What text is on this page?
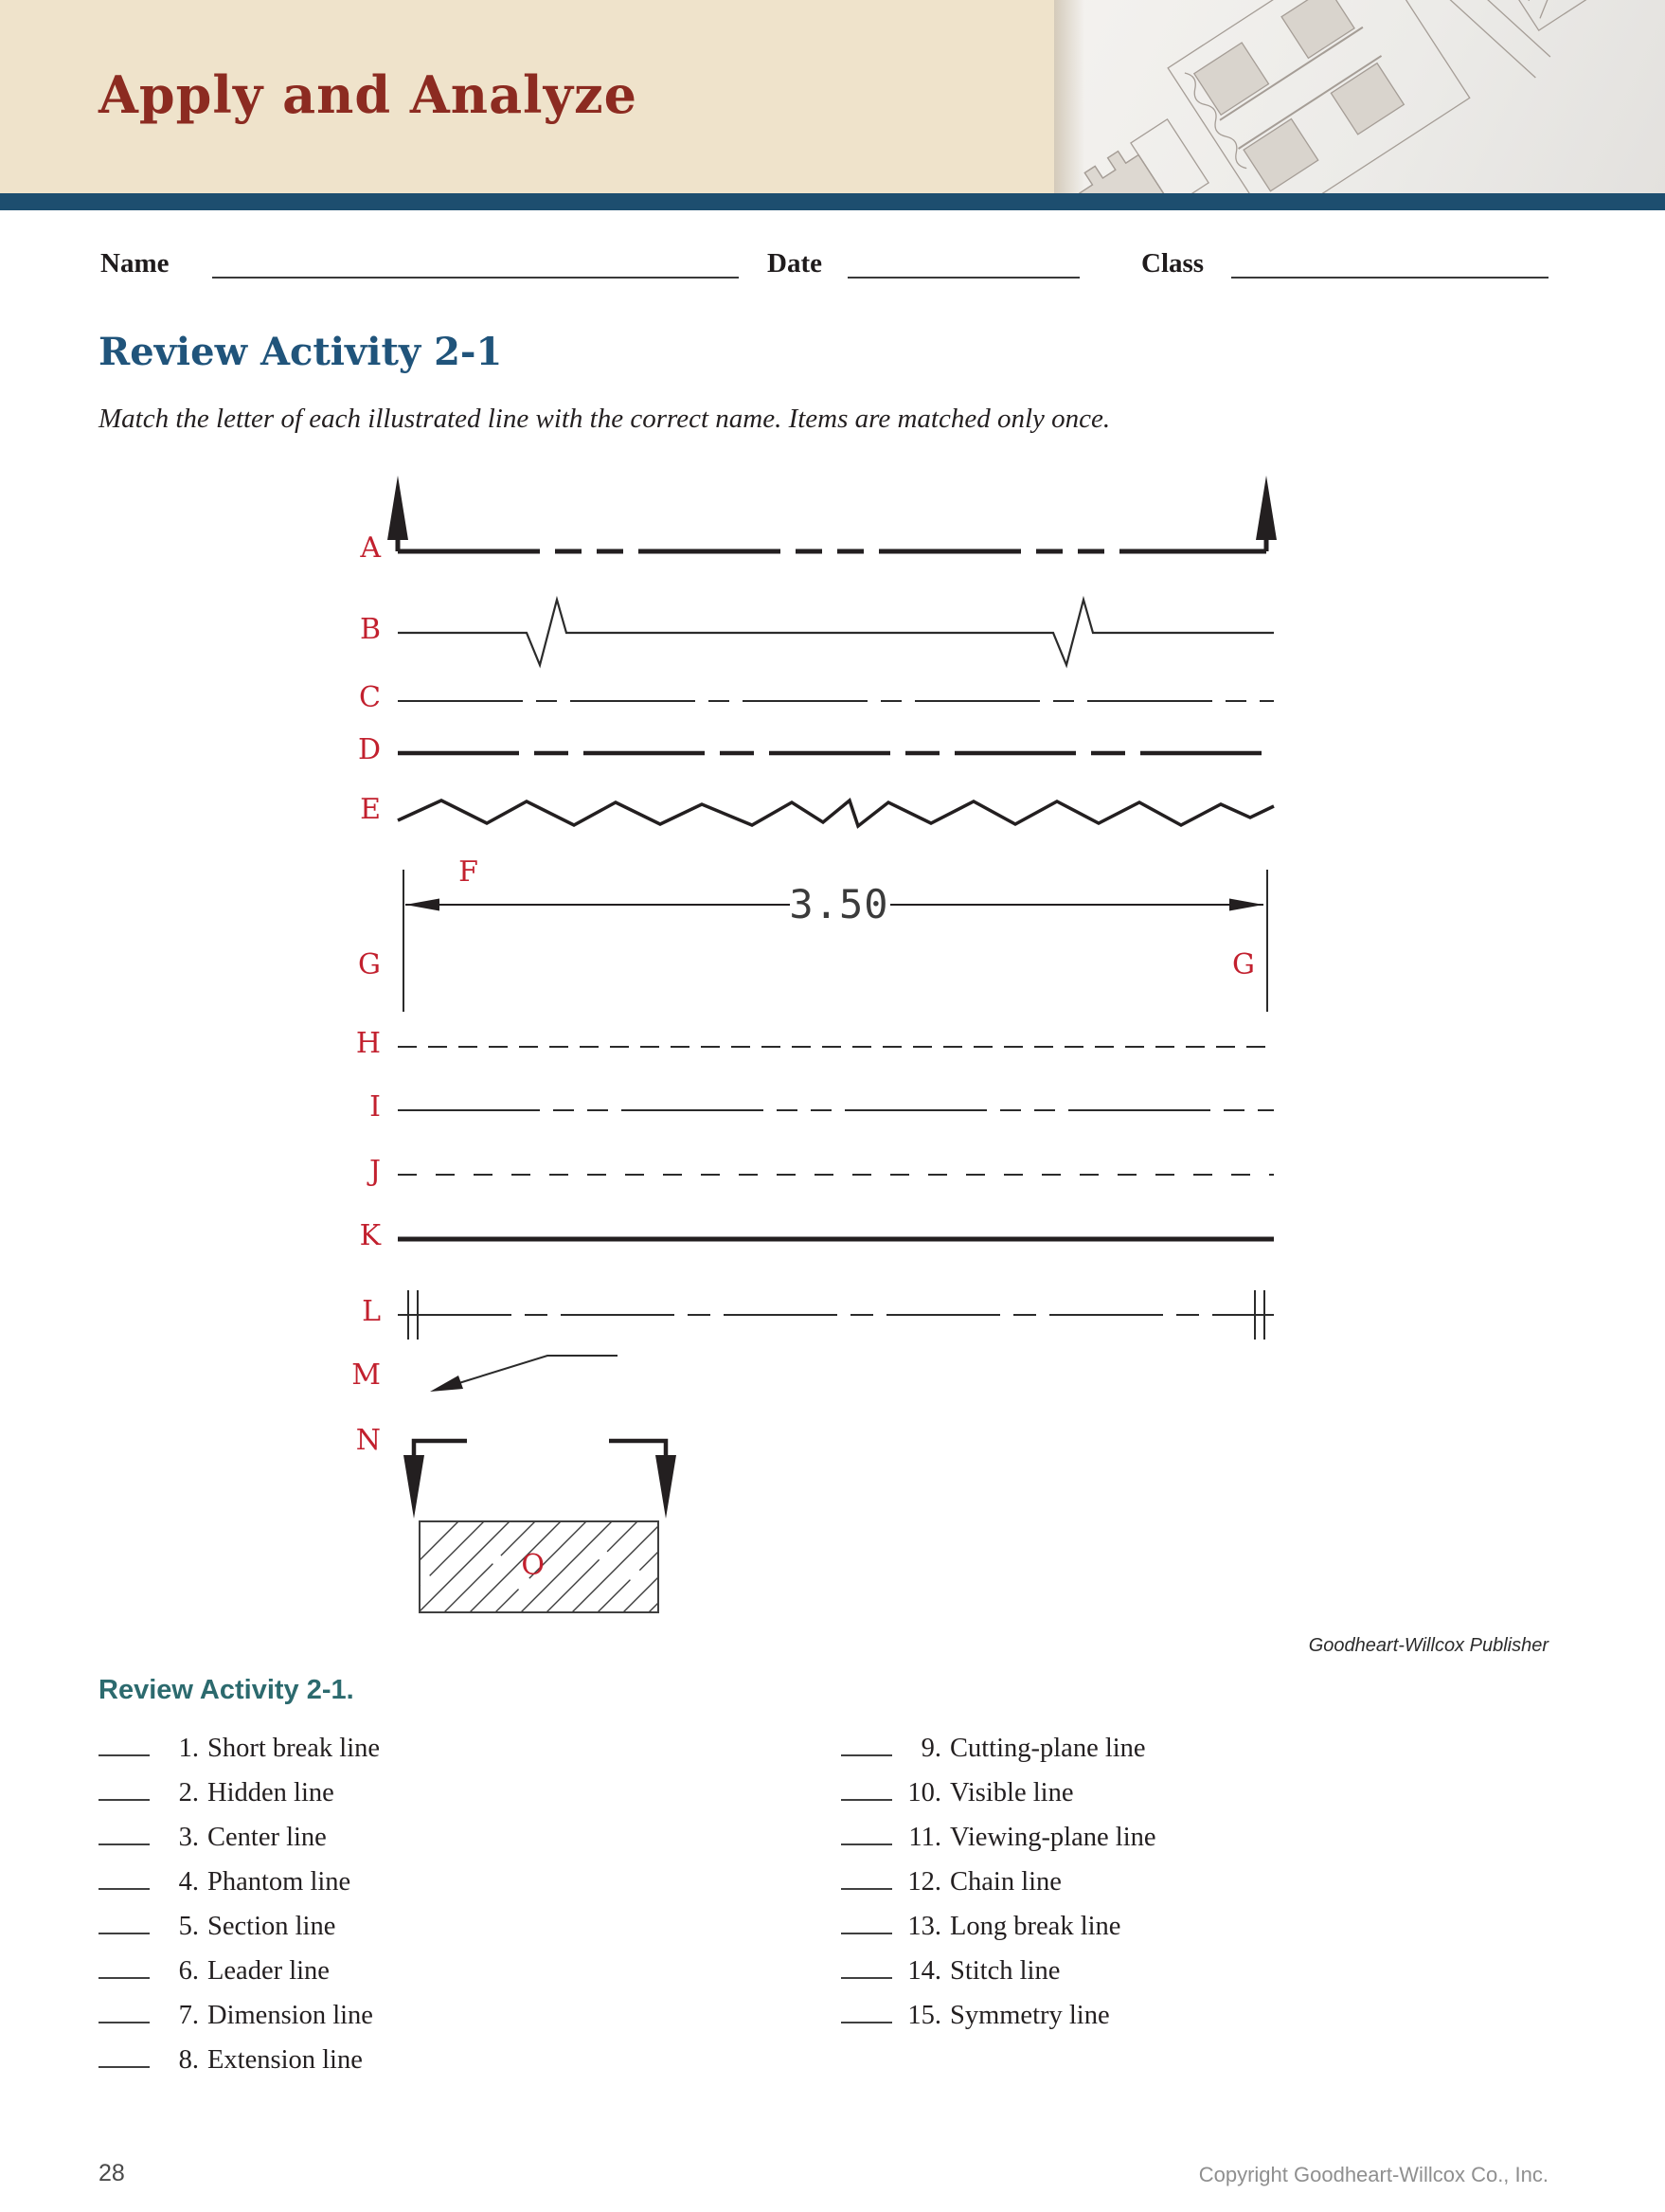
Apply and Analyze
Name	Date	Class
Review Activity 2-1
Match the letter of each illustrated line with the correct name. Items are matched only once.
A
B
C
D
E
F
G	G
H
I
J
K
L
M
N
O
3.50
Goodheart-Willcox Publisher
Review Activity 2-1.
1. Short break line
2. Hidden line
3. Center line
4. Phantom line
5. Section line
6. Leader line
7. Dimension line
8. Extension line
9. Cutting-plane line
10. Visible line
11. Viewing-plane line
12. Chain line
13. Long break line
14. Stitch line
15. Symmetry line
28	Copyright Goodheart-Willcox Co., Inc.
